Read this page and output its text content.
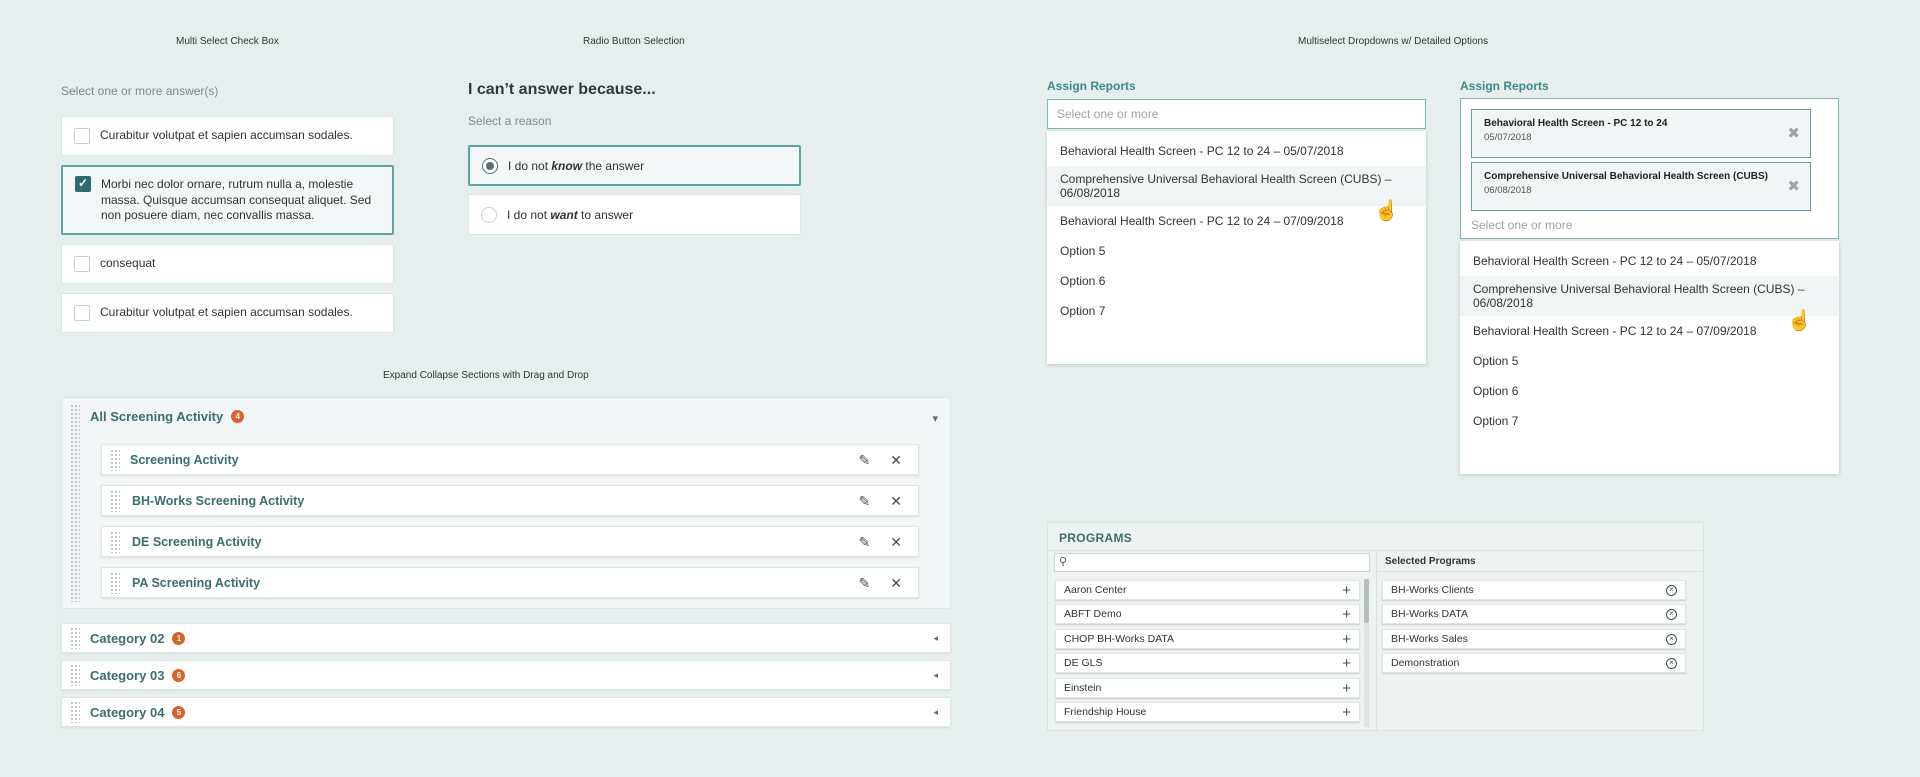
Multi Select Check Box	Radio Button Selection	Multiselect Dropdowns w/ Detailed Options
Expand Collapse Sections with Drag and Drop
Select one or more answer(s)
Curabitur volutpat et sapien accumsan sodales.
✓ Morbi nec dolor ornare, rutrum nulla a, molestie massa. Quisque accumsan consequat aliquet. Sed non posuere diam, nec convallis massa.
consequat
Curabitur volutpat et sapien accumsan sodales.
I can’t answer because...
Select a reason
I do not know the answer
I do not want to answer
All Screening Activity	4	▾
Screening Activity	✎ ✕
BH-Works Screening Activity	✎ ✕
DE Screening Activity	✎ ✕
PA Screening Activity	✎ ✕
Category 02	1	◂
Category 03	6	◂
Category 04	5	◂
Assign Reports
Select one or more
Behavioral Health Screen - PC 12 to 24 – 05/07/2018
Comprehensive Universal Behavioral Health Screen (CUBS) – 06/08/2018
Behavioral Health Screen - PC 12 to 24 – 07/09/2018
Option 5
Option 6
Option 7
☝
Assign Reports
Behavioral Health Screen - PC 12 to 24
05/07/2018	✖
Comprehensive Universal Behavioral Health Screen (CUBS)
06/08/2018	✖
Select one or more
Behavioral Health Screen - PC 12 to 24 – 05/07/2018
Comprehensive Universal Behavioral Health Screen (CUBS) – 06/08/2018
Behavioral Health Screen - PC 12 to 24 – 07/09/2018
Option 5
Option 6
Option 7
☝
PROGRAMS
⚲	Selected Programs
Aaron Center	+
ABFT Demo	+
CHOP BH-Works DATA	+
DE GLS	+
Einstein	+
Friendship House	+
BH-Works Clients	×
BH-Works DATA	×
BH-Works Sales	×
Demonstration	×
